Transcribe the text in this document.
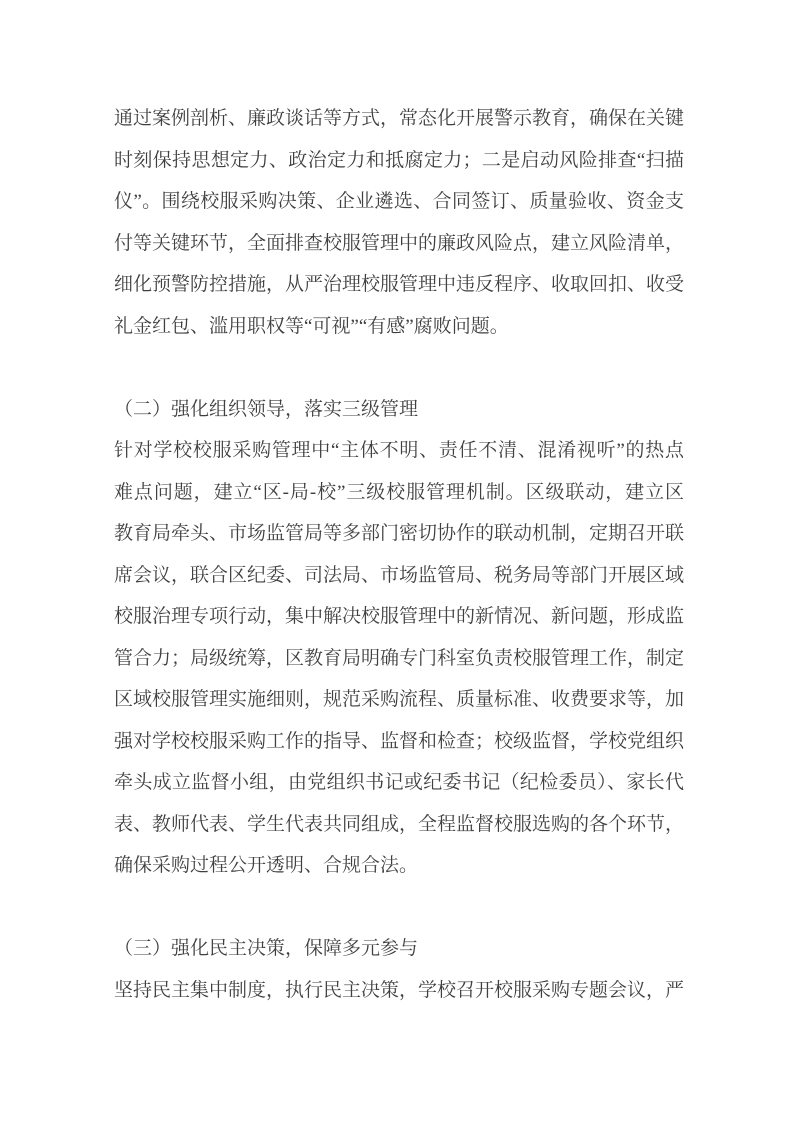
通过案例剖析、廉政谈话等方式，常态化开展警示教育，确保在关键
时刻保持思想定力、政治定力和抵腐定力；二是启动风险排查“扫描
仪”。围绕校服采购决策、企业遴选、合同签订、质量验收、资金支
付等关键环节，全面排查校服管理中的廉政风险点，建立风险清单，
细化预警防控措施，从严治理校服管理中违反程序、收取回扣、收受
礼金红包、滥用职权等“可视”“有感”腐败问题。
（二）强化组织领导，落实三级管理
针对学校校服采购管理中“主体不明、责任不清、混淆视听”的热点
难点问题，建立“区-局-校”三级校服管理机制。区级联动，建立区
教育局牵头、市场监管局等多部门密切协作的联动机制，定期召开联
席会议，联合区纪委、司法局、市场监管局、税务局等部门开展区域
校服治理专项行动，集中解决校服管理中的新情况、新问题，形成监
管合力；局级统筹，区教育局明确专门科室负责校服管理工作，制定
区域校服管理实施细则，规范采购流程、质量标准、收费要求等，加
强对学校校服采购工作的指导、监督和检查；校级监督，学校党组织
牵头成立监督小组，由党组织书记或纪委书记（纪检委员）、家长代
表、教师代表、学生代表共同组成，全程监督校服选购的各个环节，
确保采购过程公开透明、合规合法。
（三）强化民主决策，保障多元参与
坚持民主集中制度，执行民主决策，学校召开校服采购专题会议，严
